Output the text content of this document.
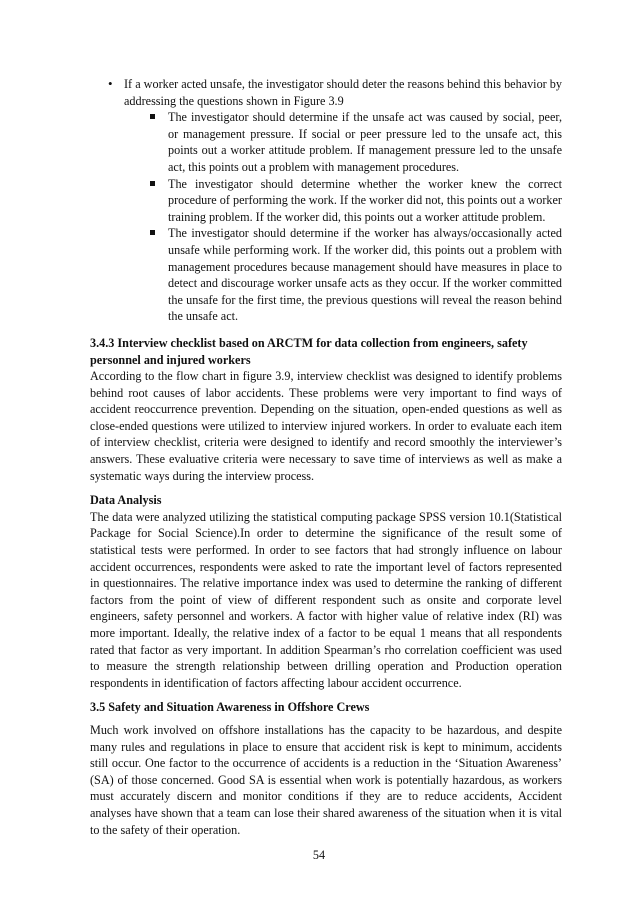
• If a worker acted unsafe, the investigator should deter the reasons behind this behavior by addressing the questions shown in Figure 3.9
The investigator should determine if the unsafe act was caused by social, peer, or management pressure. If social or peer pressure led to the unsafe act, this points out a worker attitude problem. If management pressure led to the unsafe act, this points out a problem with management procedures.
The investigator should determine whether the worker knew the correct procedure of performing the work. If the worker did not, this points out a worker training problem. If the worker did, this points out a worker attitude problem.
The investigator should determine if the worker has always/occasionally acted unsafe while performing work. If the worker did, this points out a problem with management procedures because management should have measures in place to detect and discourage worker unsafe acts as they occur. If the worker committed the unsafe for the first time, the previous questions will reveal the reason behind the unsafe act.
3.4.3 Interview checklist based on ARCTM for data collection from engineers, safety personnel and injured workers

According to the flow chart in figure 3.9, interview checklist was designed to identify problems behind root causes of labor accidents. These problems were very important to find ways of accident reoccurrence prevention. Depending on the situation, open-ended questions as well as close-ended questions were utilized to interview injured workers. In order to evaluate each item of interview checklist, criteria were designed to identify and record smoothly the interviewer’s answers. These evaluative criteria were necessary to save time of interviews as well as make a systematic ways during the interview process.

Data Analysis

The data were analyzed utilizing the statistical computing package SPSS version 10.1(Statistical Package for Social Science).In order to determine the significance of the result some of statistical tests were performed. In order to see factors that had strongly influence on labour accident occurrences, respondents were asked to rate the important level of factors represented in questionnaires. The relative importance index was used to determine the ranking of different factors from the point of view of different respondent such as onsite and corporate level engineers, safety personnel and workers. A factor with higher value of relative index (RI) was more important. Ideally, the relative index of a factor to be equal 1 means that all respondents rated that factor as very important. In addition Spearman’s rho correlation coefficient was used to measure the strength relationship between drilling operation and Production operation respondents in identification of factors affecting labour accident occurrence.

3.5 Safety and Situation Awareness in Offshore Crews

Much work involved on offshore installations has the capacity to be hazardous, and despite many rules and regulations in place to ensure that accident risk is kept to minimum, accidents still occur. One factor to the occurrence of accidents is a reduction in the ‘Situation Awareness’ (SA) of those concerned. Good SA is essential when work is potentially hazardous, as workers must accurately discern and monitor conditions if they are to reduce accidents, Accident analyses have shown that a team can lose their shared awareness of the situation when it is vital to the safety of their operation.

54
